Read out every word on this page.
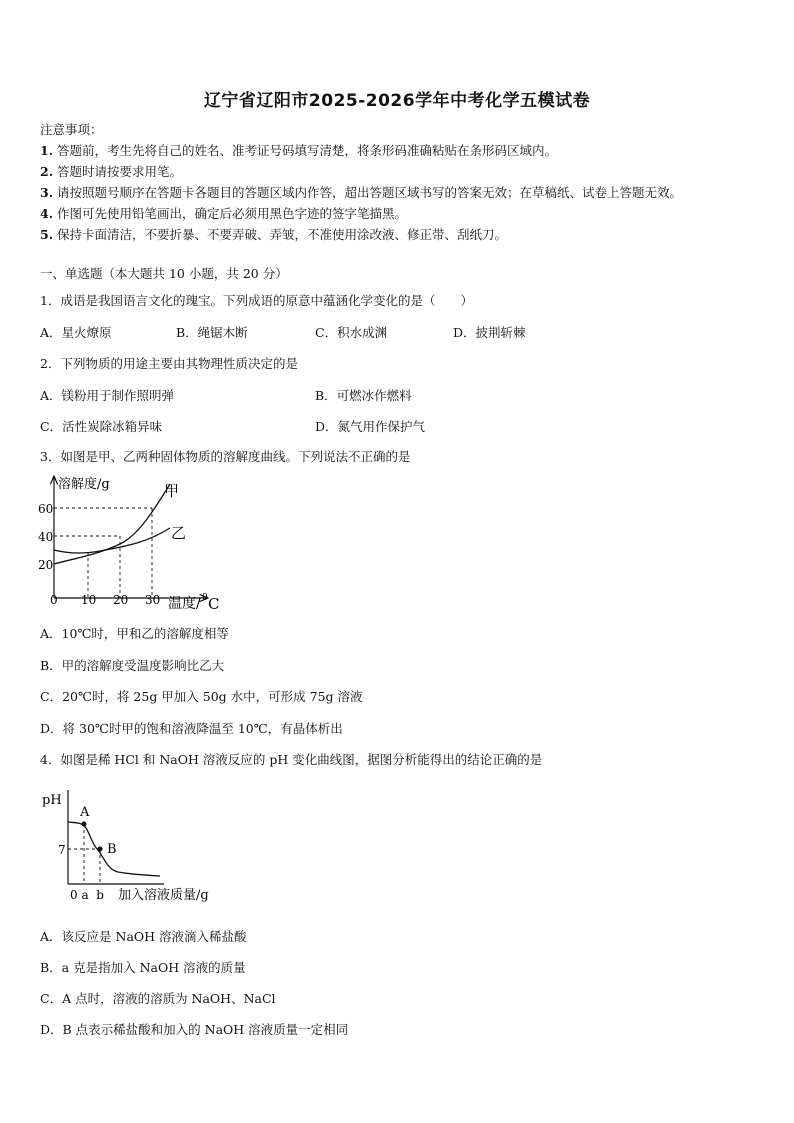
辽宁省辽阳市2025-2026学年中考化学五模试卷
注意事项：
1. 答题前，考生先将自己的姓名、准考证号码填写清楚，将条形码准确粘贴在条形码区域内。
2. 答题时请按要求用笔。
3. 请按照题号顺序在答题卡各题目的答题区域内作答，超出答题区域书写的答案无效；在草稿纸、试卷上答题无效。
4. 作图可先使用铅笔画出，确定后必须用黑色字迹的签字笔描黑。
5. 保持卡面清洁，不要折暴、不要弄破、弄皱，不准使用涂改液、修正带、刮纸刀。
一、单选题（本大题共 10 小题，共 20 分）
1．成语是我国语言文化的瑰宝。下列成语的原意中蕴涵化学变化的是（　　）
A．星火燎原	B．绳锯木断	C．积水成渊	D．披荆斩棘
2．下列物质的用途主要由其物理性质决定的是
A．镁粉用于制作照明弹	B．可燃冰作燃料
C．活性炭除冰箱异味	D．氮气用作保护气
3．如图是甲、乙两种固体物质的溶解度曲线。下列说法不正确的是
溶解度/g
60
40
20
0 10 20 30 温度/ 0 C
甲
乙
A．10℃时，甲和乙的溶解度相等
B．甲的溶解度受温度影响比乙大
C．20℃时，将 25g 甲加入 50g 水中，可形成 75g 溶液
D．将 30℃时甲的饱和溶液降温至 10℃，有晶体析出
4．如图是稀 HCl 和 NaOH 溶液反应的 pH 变化曲线图，据图分析能得出的结论正确的是
pH
7
A
B
0 a  b 加入溶液质量/g
A．该反应是 NaOH 溶液滴入稀盐酸
B．a 克是指加入 NaOH 溶液的质量
C．A 点时，溶液的溶质为 NaOH、NaCl
D．B 点表示稀盐酸和加入的 NaOH 溶液质量一定相同
